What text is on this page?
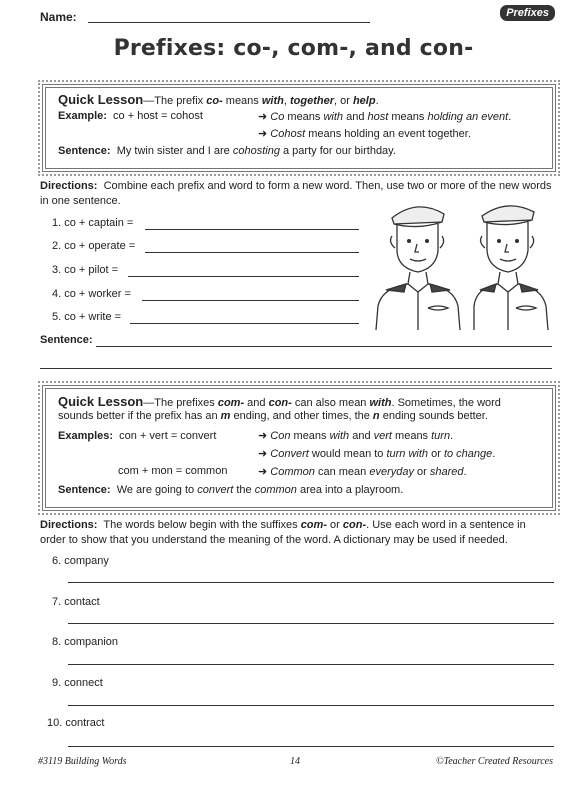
Name:	Prefixes
Prefixes: co-, com-, and con-
Quick Lesson—The prefix co- means with, together, or help.
Example: co + host = cohost	➜ Co means with and host means holding an event.
➜ Cohost means holding an event together.
Sentence: My twin sister and I are cohosting a party for our birthday.
Directions: Combine each prefix and word to form a new word. Then, use two or more of the new words in one sentence.
1. co + captain =
2. co + operate =
3. co + pilot =
4. co + worker =
5. co + write =
Sentence:
Quick Lesson—The prefixes com- and con- can also mean with. Sometimes, the word
sounds better if the prefix has an m ending, and other times, the n ending sounds better.
Examples: con + vert = convert
com + mon = common
➜ Con means with and vert means turn.
➜ Convert would mean to turn with or to change.
➜ Common can mean everyday or shared.
Sentence: We are going to convert the common area into a playroom.
Directions: The words below begin with the suffixes com- or con-. Use each word in a sentence in order to show that you understand the meaning of the word. A dictionary may be used if needed.
6. company
7. contact
8. companion
9. connect
10. contract
#3119 Building Words	14	©Teacher Created Resources
